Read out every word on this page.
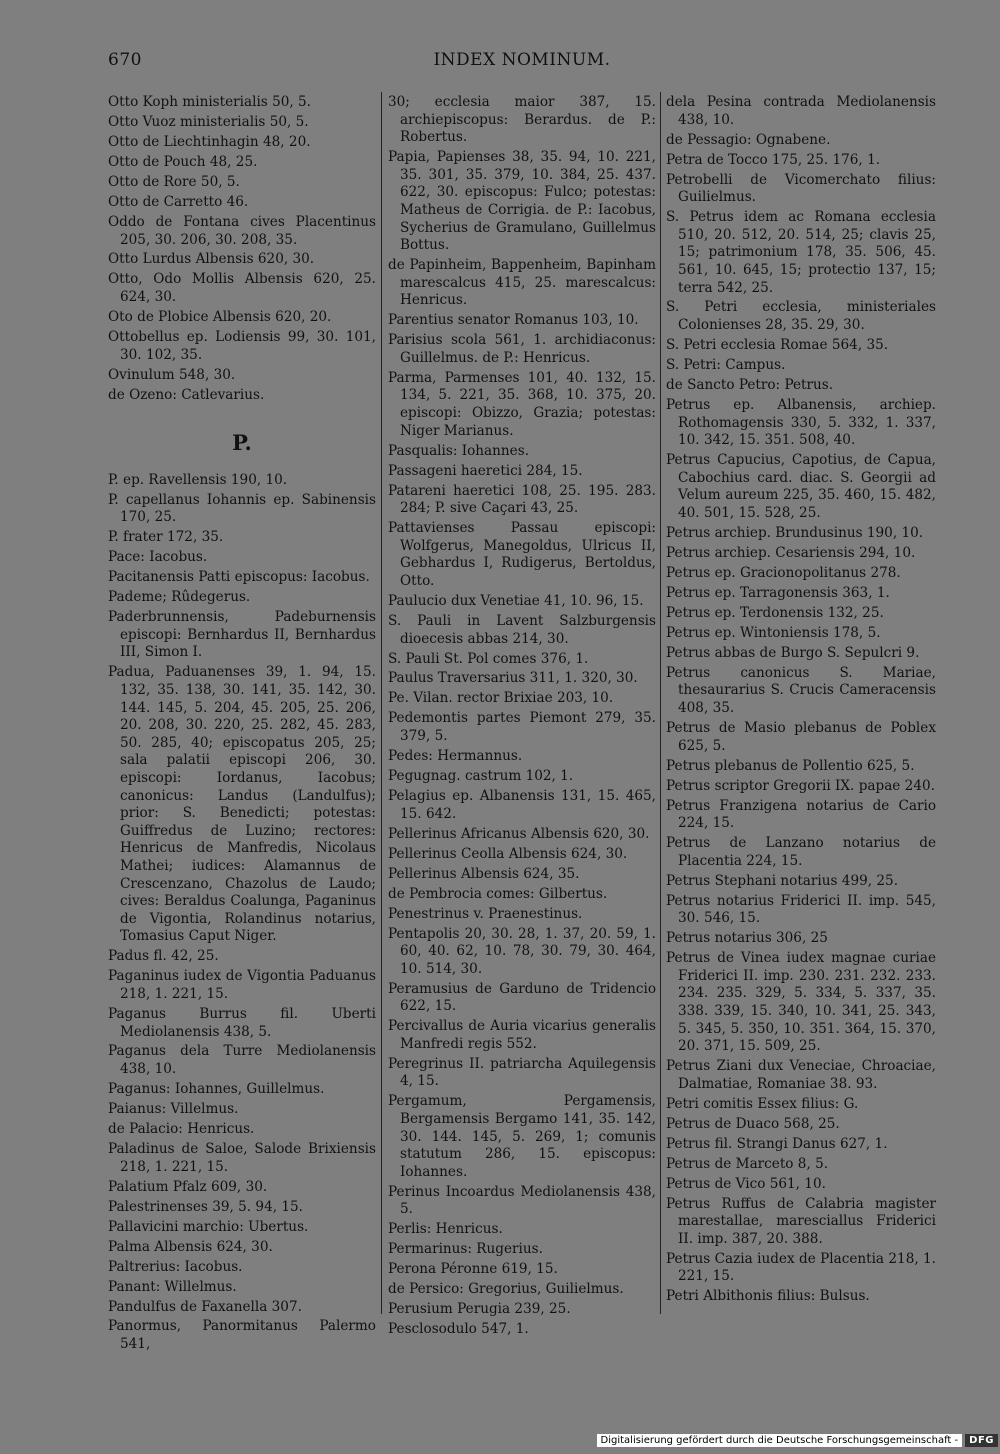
670	INDEX NOMINUM.
Otto Koph ministerialis 50, 5.
Otto Vuoz ministerialis 50, 5.
Otto de Liechtinhagin 48, 20.
Otto de Pouch 48, 25.
Otto de Rore 50, 5.
Otto de Carretto 46.
Oddo de Fontana cives Placentinus 205, 30. 206, 30. 208, 35.
Otto Lurdus Albensis 620, 30.
Otto, Odo Mollis Albensis 620, 25. 624, 30.
Oto de Plobice Albensis 620, 20.
Ottobellus ep. Lodiensis 99, 30. 101, 30. 102, 35.
Ovinulum 548, 30.
de Ozeno: Catlevarius.
P.
P. ep. Ravellensis 190, 10.
P. capellanus Iohannis ep. Sabinensis 170, 25.
P. frater 172, 35.
Pace: Iacobus.
Pacitanensis Patti episcopus: Iacobus.
Pademe; Rûdegerus.
Paderbrunnensis, Padeburnensis episcopi: Bernhardus II, Bernhardus III, Simon I.
Padua, Paduanenses 39, 1. 94, 15. 132, 35. 138, 30. 141, 35. 142, 30. 144. 145, 5. 204, 45. 205, 25. 206, 20. 208, 30. 220, 25. 282, 45. 283, 50. 285, 40; episcopatus 205, 25; sala palatii episcopi 206, 30. episcopi: Iordanus, Iacobus; canonicus: Landus (Landulfus); prior: S. Benedicti; potestas: Guiffredus de Luzino; rectores: Henricus de Manfredis, Nicolaus Mathei; iudices: Alamannus de Crescenzano, Chazolus de Laudo; cives: Beraldus Coalunga, Paganinus de Vigontia, Rolandinus notarius, Tomasius Caput Niger.
Padus fl. 42, 25.
Paganinus iudex de Vigontia Paduanus 218, 1. 221, 15.
Paganus Burrus fil. Uberti Mediolanensis 438, 5.
Paganus dela Turre Mediolanensis 438, 10.
Paganus: Iohannes, Guillelmus.
Paianus: Villelmus.
de Palacio: Henricus.
Paladinus de Saloe, Salode Brixiensis 218, 1. 221, 15.
Palatium Pfalz 609, 30.
Palestrinenses 39, 5. 94, 15.
Pallavicini marchio: Ubertus.
Palma Albensis 624, 30.
Paltrerius: Iacobus.
Panant: Willelmus.
Pandulfus de Faxanella 307.
Panormus, Panormitanus Palermo 541,
30; ecclesia maior 387, 15. archiepiscopus: Berardus. de P.: Robertus.
Papia, Papienses 38, 35. 94, 10. 221, 35. 301, 35. 379, 10. 384, 25. 437. 622, 30. episcopus: Fulco; potestas: Matheus de Corrigia. de P.: Iacobus, Sycherius de Gramulano, Guillelmus Bottus.
de Papinheim, Bappenheim, Bapinham marescalcus 415, 25. marescalcus: Henricus.
Parentius senator Romanus 103, 10.
Parisius scola 561, 1. archidiaconus: Guillelmus. de P.: Henricus.
Parma, Parmenses 101, 40. 132, 15. 134, 5. 221, 35. 368, 10. 375, 20. episcopi: Obizzo, Grazia; potestas: Niger Marianus.
Pasqualis: Iohannes.
Passageni haeretici 284, 15.
Patareni haeretici 108, 25. 195. 283. 284; P. sive Caçari 43, 25.
Pattavienses Passau episcopi: Wolfgerus, Manegoldus, Ulricus II, Gebhardus I, Rudigerus, Bertoldus, Otto.
Paulucio dux Venetiae 41, 10. 96, 15.
S. Pauli in Lavent Salzburgensis dioecesis abbas 214, 30.
S. Pauli St. Pol comes 376, 1.
Paulus Traversarius 311, 1. 320, 30.
Pe. Vilan. rector Brixiae 203, 10.
Pedemontis partes Piemont 279, 35. 379, 5.
Pedes: Hermannus.
Pegugnag. castrum 102, 1.
Pelagius ep. Albanensis 131, 15. 465, 15. 642.
Pellerinus Africanus Albensis 620, 30.
Pellerinus Ceolla Albensis 624, 30.
Pellerinus Albensis 624, 35.
de Pembrocia comes: Gilbertus.
Penestrinus v. Praenestinus.
Pentapolis 20, 30. 28, 1. 37, 20. 59, 1. 60, 40. 62, 10. 78, 30. 79, 30. 464, 10. 514, 30.
Peramusius de Garduno de Tridencio 622, 15.
Percivallus de Auria vicarius generalis Manfredi regis 552.
Peregrinus II. patriarcha Aquilegensis 4, 15.
Pergamum, Pergamensis, Bergamensis Bergamo 141, 35. 142, 30. 144. 145, 5. 269, 1; comunis statutum 286, 15. episcopus: Iohannes.
Perinus Incoardus Mediolanensis 438, 5.
Perlis: Henricus.
Permarinus: Rugerius.
Perona Péronne 619, 15.
de Persico: Gregorius, Guilielmus.
Perusium Perugia 239, 25.
Pesclosodulo 547, 1.
dela Pesina contrada Mediolanensis 438, 10.
de Pessagio: Ognabene.
Petra de Tocco 175, 25. 176, 1.
Petrobelli de Vicomerchato filius: Guilielmus.
S. Petrus idem ac Romana ecclesia 510, 20. 512, 20. 514, 25; clavis 25, 15; patrimonium 178, 35. 506, 45. 561, 10. 645, 15; protectio 137, 15; terra 542, 25.
S. Petri ecclesia, ministeriales Colonienses 28, 35. 29, 30.
S. Petri ecclesia Romae 564, 35.
S. Petri: Campus.
de Sancto Petro: Petrus.
Petrus ep. Albanensis, archiep. Rothomagensis 330, 5. 332, 1. 337, 10. 342, 15. 351. 508, 40.
Petrus Capucius, Capotius, de Capua, Cabochius card. diac. S. Georgii ad Velum aureum 225, 35. 460, 15. 482, 40. 501, 15. 528, 25.
Petrus archiep. Brundusinus 190, 10.
Petrus archiep. Cesariensis 294, 10.
Petrus ep. Gracionopolitanus 278.
Petrus ep. Tarragonensis 363, 1.
Petrus ep. Terdonensis 132, 25.
Petrus ep. Wintoniensis 178, 5.
Petrus abbas de Burgo S. Sepulcri 9.
Petrus canonicus S. Mariae, thesaurarius S. Crucis Cameracensis 408, 35.
Petrus de Masio plebanus de Poblex 625, 5.
Petrus plebanus de Pollentio 625, 5.
Petrus scriptor Gregorii IX. papae 240.
Petrus Franzigena notarius de Cario 224, 15.
Petrus de Lanzano notarius de Placentia 224, 15.
Petrus Stephani notarius 499, 25.
Petrus notarius Friderici II. imp. 545, 30. 546, 15.
Petrus notarius 306, 25
Petrus de Vinea iudex magnae curiae Friderici II. imp. 230. 231. 232. 233. 234. 235. 329, 5. 334, 5. 337, 35. 338. 339, 15. 340, 10. 341, 25. 343, 5. 345, 5. 350, 10. 351. 364, 15. 370, 20. 371, 15. 509, 25.
Petrus Ziani dux Veneciae, Chroaciae, Dalmatiae, Romaniae 38. 93.
Petri comitis Essex filius: G.
Petrus de Duaco 568, 25.
Petrus fil. Strangi Danus 627, 1.
Petrus de Marceto 8, 5.
Petrus de Vico 561, 10.
Petrus Ruffus de Calabria magister marestallae, maresciallus Friderici II. imp. 387, 20. 388.
Petrus Cazia iudex de Placentia 218, 1. 221, 15.
Petri Albithonis filius: Bulsus.
Digitalisierung gefördert durch die Deutsche Forschungsgemeinschaft -	DFG
